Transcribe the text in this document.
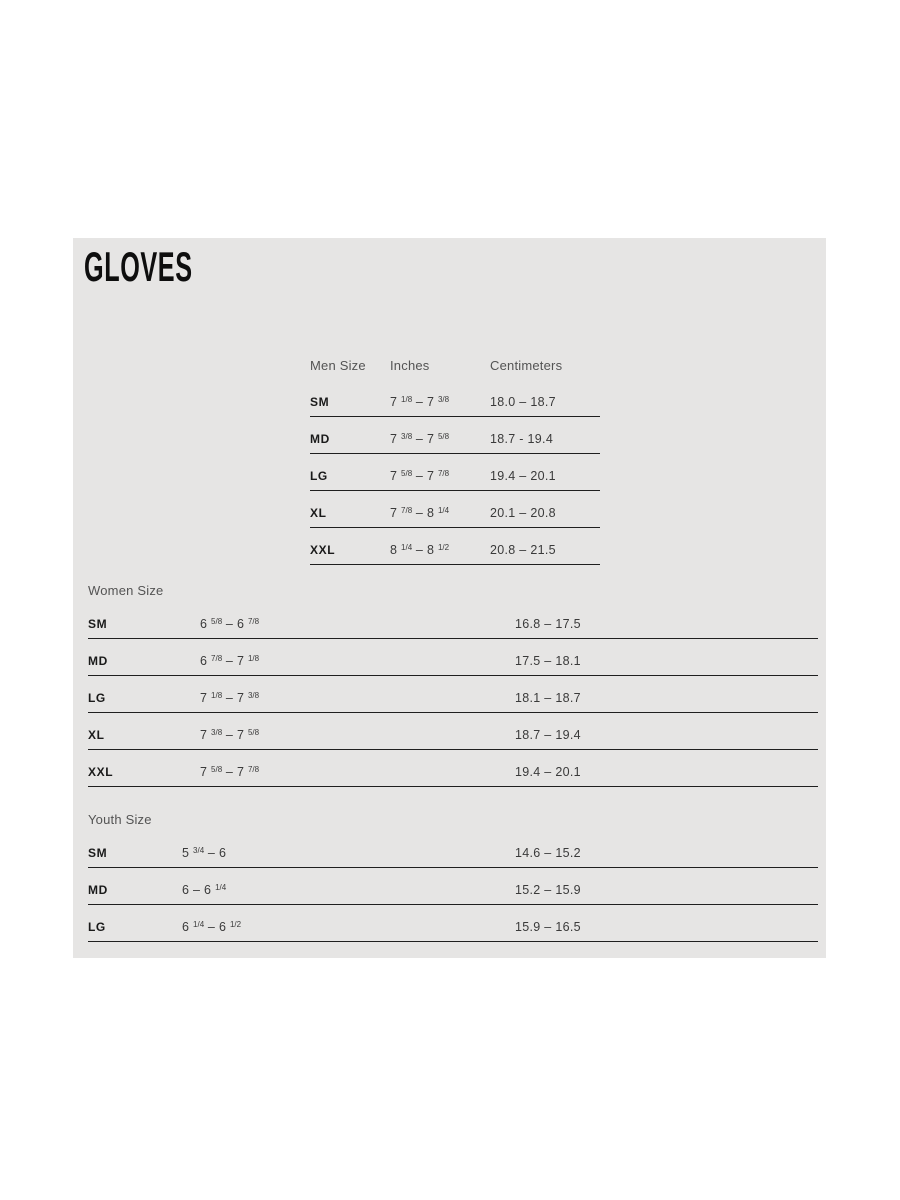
GLOVES
Men Size	Inches	Centimeters
SM	7 $^{1/8}$ – 7 $^{3/8}$	18.0 – 18.7
MD	7 $^{3/8}$ – 7 $^{5/8}$	18.7 - 19.4
LG	7 $^{5/8}$ – 7 $^{7/8}$	19.4 – 20.1
XL	7 $^{7/8}$ – 8 $^{1/4}$	20.1 – 20.8
XXL	8 $^{1/4}$ – 8 $^{1/2}$	20.8 – 21.5
Women Size
SM	6 $^{5/8}$ – 6 $^{7/8}$	16.8 – 17.5
MD	6 $^{7/8}$ – 7 $^{1/8}$	17.5 – 18.1
LG	7 $^{1/8}$ – 7 $^{3/8}$	18.1 – 18.7
XL	7 $^{3/8}$ – 7 $^{5/8}$	18.7 – 19.4
XXL	7 $^{5/8}$ – 7 $^{7/8}$	19.4 – 20.1
Youth Size
SM	5 $^{3/4}$ – 6	14.6 – 15.2
MD	6 – 6 $^{1/4}$	15.2 – 15.9
LG	6 $^{1/4}$ – 6 $^{1/2}$	15.9 – 16.5
